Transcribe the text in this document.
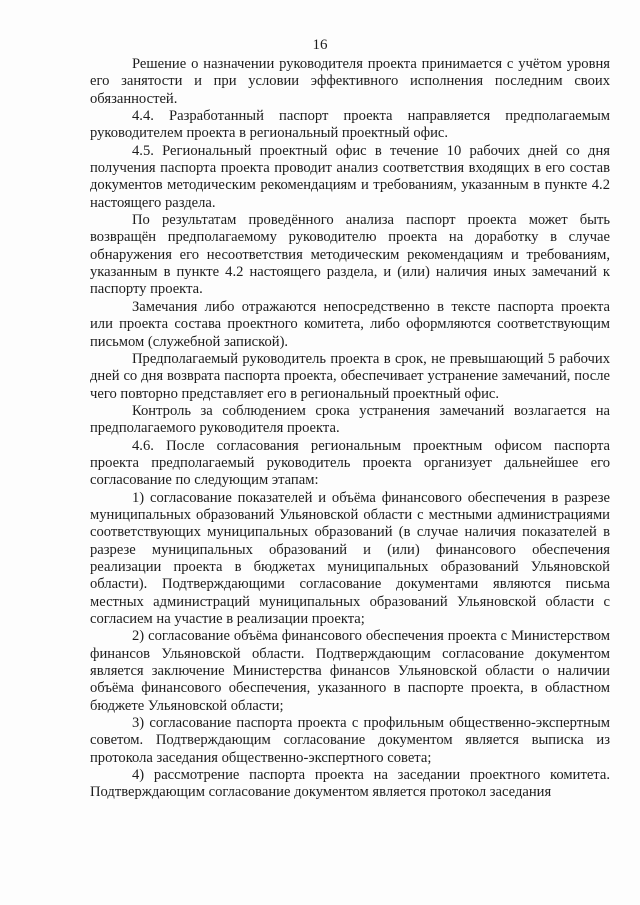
16

Решение о назначении руководителя проекта принимается с учётом уровня его занятости и при условии эффективного исполнения последним своих обязанностей.

4.4. Разработанный паспорт проекта направляется предполагаемым руководителем проекта в региональный проектный офис.

4.5. Региональный проектный офис в течение 10 рабочих дней со дня получения паспорта проекта проводит анализ соответствия входящих в его состав документов методическим рекомендациям и требованиям, указанным в пункте 4.2 настоящего раздела.

По результатам проведённого анализа паспорт проекта может быть возвращён предполагаемому руководителю проекта на доработку в случае обнаружения его несоответствия методическим рекомендациям и требованиям, указанным в пункте 4.2 настоящего раздела, и (или) наличия иных замечаний к паспорту проекта.

Замечания либо отражаются непосредственно в тексте паспорта проекта или проекта состава проектного комитета, либо оформляются соответствующим письмом (служебной запиской).

Предполагаемый руководитель проекта в срок, не превышающий 5 рабочих дней со дня возврата паспорта проекта, обеспечивает устранение замечаний, после чего повторно представляет его в региональный проектный офис.

Контроль за соблюдением срока устранения замечаний возлагается на предполагаемого руководителя проекта.

4.6. После согласования региональным проектным офисом паспорта проекта предполагаемый руководитель проекта организует дальнейшее его согласование по следующим этапам:

1) согласование показателей и объёма финансового обеспечения в разрезе муниципальных образований Ульяновской области с местными администрациями соответствующих муниципальных образований (в случае наличия показателей в разрезе муниципальных образований и (или) финансового обеспечения реализации проекта в бюджетах муниципальных образований Ульяновской области). Подтверждающими согласование документами являются письма местных администраций муниципальных образований Ульяновской области с согласием на участие в реализации проекта;

2) согласование объёма финансового обеспечения проекта с Министерством финансов Ульяновской области. Подтверждающим согласование документом является заключение Министерства финансов Ульяновской области о наличии объёма финансового обеспечения, указанного в паспорте проекта, в областном бюджете Ульяновской области;

3) согласование паспорта проекта с профильным общественно-экспертным советом. Подтверждающим согласование документом является выписка из протокола заседания общественно-экспертного совета;

4) рассмотрение паспорта проекта на заседании проектного комитета. Подтверждающим согласование документом является протокол заседания
